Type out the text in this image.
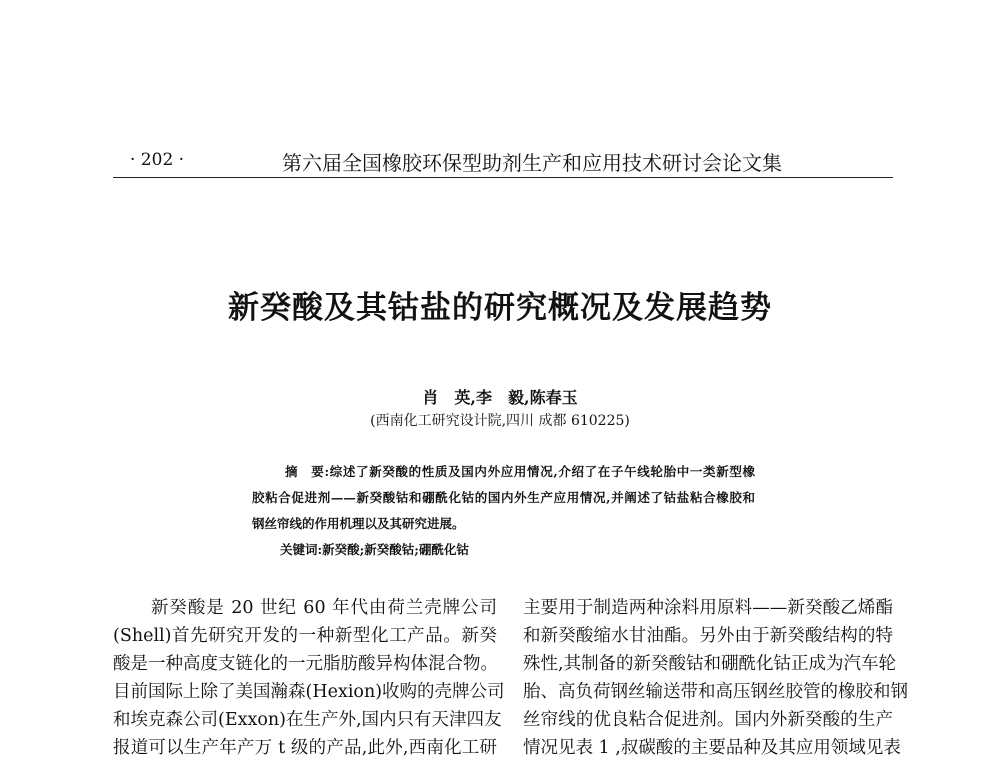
· 202 ·	第六届全国橡胶环保型助剂生产和应用技术研讨会论文集
新癸酸及其钴盐的研究概况及发展趋势
肖　英,李　毅,陈春玉
(西南化工研究设计院,四川 成都 610225)
摘　要:综述了新癸酸的性质及国内外应用情况,介绍了在子午线轮胎中一类新型橡
胶粘合促进剂——新癸酸钴和硼酰化钴的国内外生产应用情况,并阐述了钴盐粘合橡胶和
钢丝帘线的作用机理以及其研究进展。
关键词:新癸酸;新癸酸钴;硼酰化钴
新癸酸是 20 世纪 60 年代由荷兰壳牌公司
(Shell)首先研究开发的一种新型化工产品。新癸
酸是一种高度支链化的一元脂肪酸异构体混合物。
目前国际上除了美国瀚森(Hexion)收购的壳牌公司
和埃克森公司(Exxon)在生产外,国内只有天津四友
报道可以生产年产万 t 级的产品,此外,西南化工研
主要用于制造两种涂料用原料——新癸酸乙烯酯
和新癸酸缩水甘油酯。另外由于新癸酸结构的特
殊性,其制备的新癸酸钴和硼酰化钴正成为汽车轮
胎、高负荷钢丝输送带和高压钢丝胶管的橡胶和钢
丝帘线的优良粘合促进剂。国内外新癸酸的生产
情况见表 1 ,叔碳酸的主要品种及其应用领域见表
